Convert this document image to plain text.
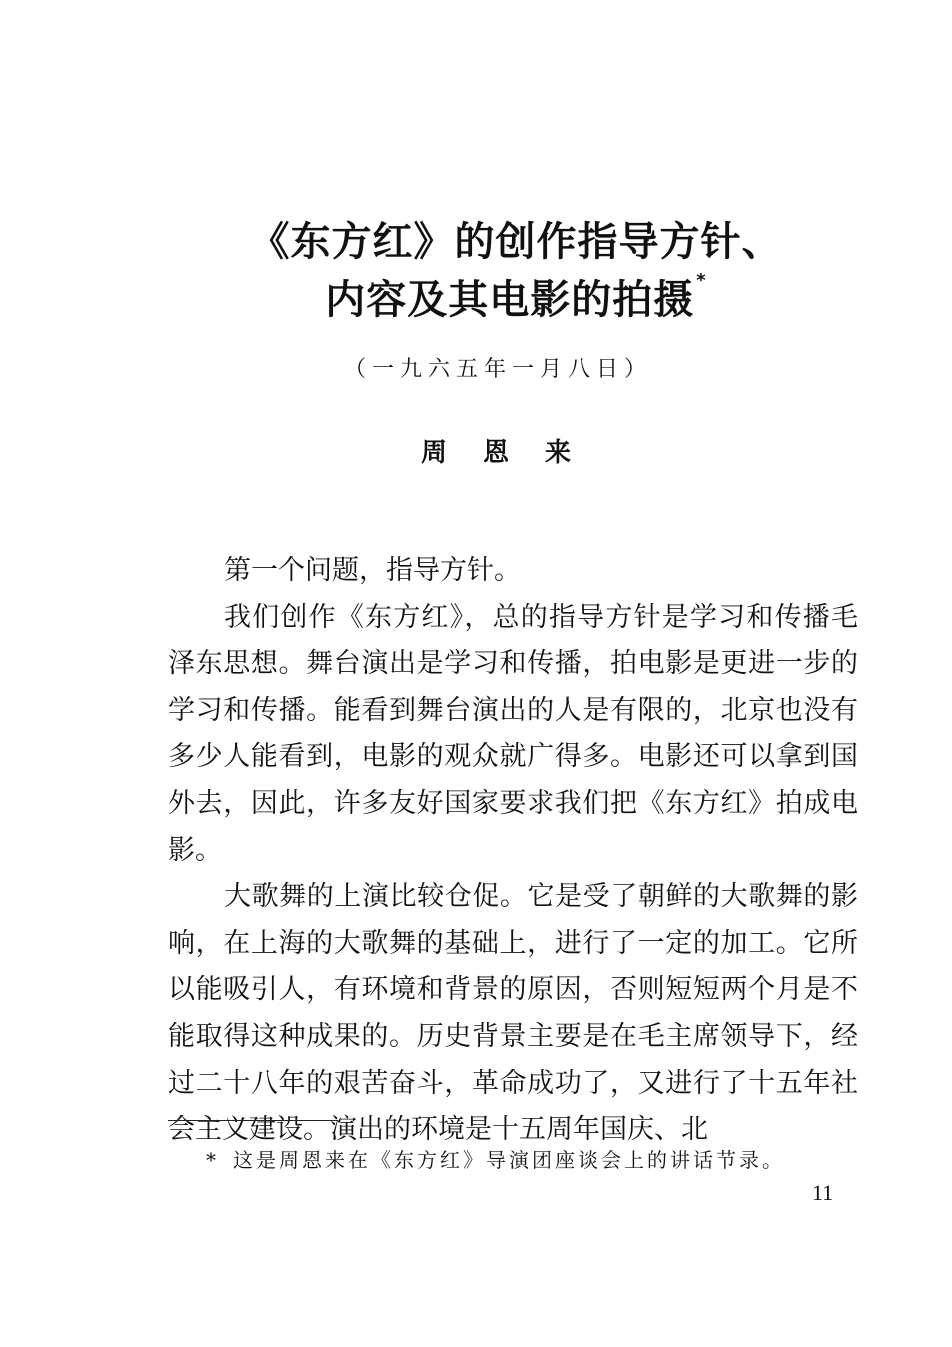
《东方红》的创作指导方针、
内容及其电影的拍摄 *
（一九六五年一月八日）
周恩来

第一个问题，指导方针。

我们创作《东方红》，总的指导方针是学习和传播毛泽东思想。舞台演出是学习和传播，拍电影是更进一步的学习和传播。能看到舞台演出的人是有限的，北京也没有多少人能看到，电影的观众就广得多。电影还可以拿到国外去，因此，许多友好国家要求我们把《东方红》拍成电影。

大歌舞的上演比较仓促。它是受了朝鲜的大歌舞的影响，在上海的大歌舞的基础上，进行了一定的加工。它所以能吸引人，有环境和背景的原因，否则短短两个月是不能取得这种成果的。历史背景主要是在毛主席领导下，经过二十八年的艰苦奋斗，革命成功了，又进行了十五年社会主义建设。演出的环境是十五周年国庆、北

* 这是周恩来在《东方红》导演团座谈会上的讲话节录。
11
